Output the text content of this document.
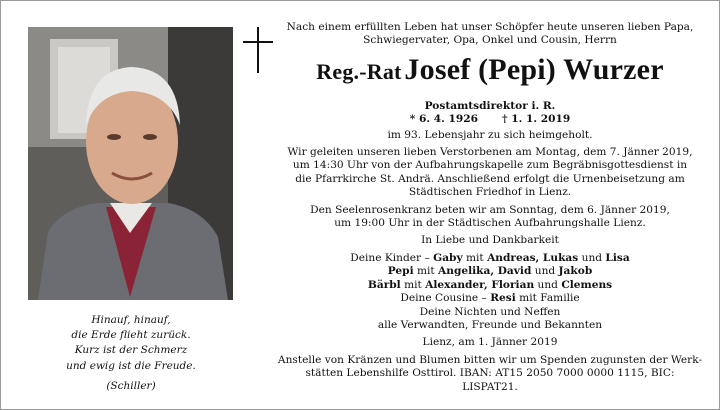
Hinauf, hinauf,
die Erde flieht zurück.
Kurz ist der Schmerz
und ewig ist die Freude.
(Schiller)
Nach einem erfüllten Leben hat unser Schöpfer heute unseren lieben Papa,
Schwiegervater, Opa, Onkel und Cousin, Herrn
Reg.-Rat Josef (Pepi) Wurzer
Postamtsdirektor i. R.
* 6. 4. 1926 † 1. 1. 2019
im 93. Lebensjahr zu sich heimgeholt.
Wir geleiten unseren lieben Verstorbenen am Montag, dem 7. Jänner 2019,
um 14:30 Uhr von der Aufbahrungskapelle zum Begräbnisgottesdienst in
die Pfarrkirche St. Andrä. Anschließend erfolgt die Urnenbeisetzung am
Städtischen Friedhof in Lienz.
Den Seelenrosenkranz beten wir am Sonntag, dem 6. Jänner 2019,
um 19:00 Uhr in der Städtischen Aufbahrungshalle Lienz.
In Liebe und Dankbarkeit
Deine Kinder – Gaby mit Andreas, Lukas und Lisa
Pepi mit Angelika, David und Jakob
Bärbl mit Alexander, Florian und Clemens
Deine Cousine – Resi mit Familie
Deine Nichten und Neffen
alle Verwandten, Freunde und Bekannten
Lienz, am 1. Jänner 2019
Anstelle von Kränzen und Blumen bitten wir um Spenden zugunsten der Werk-
stätten Lebenshilfe Osttirol. IBAN: AT15 2050 7000 0000 1115, BIC: LISPAT21.
